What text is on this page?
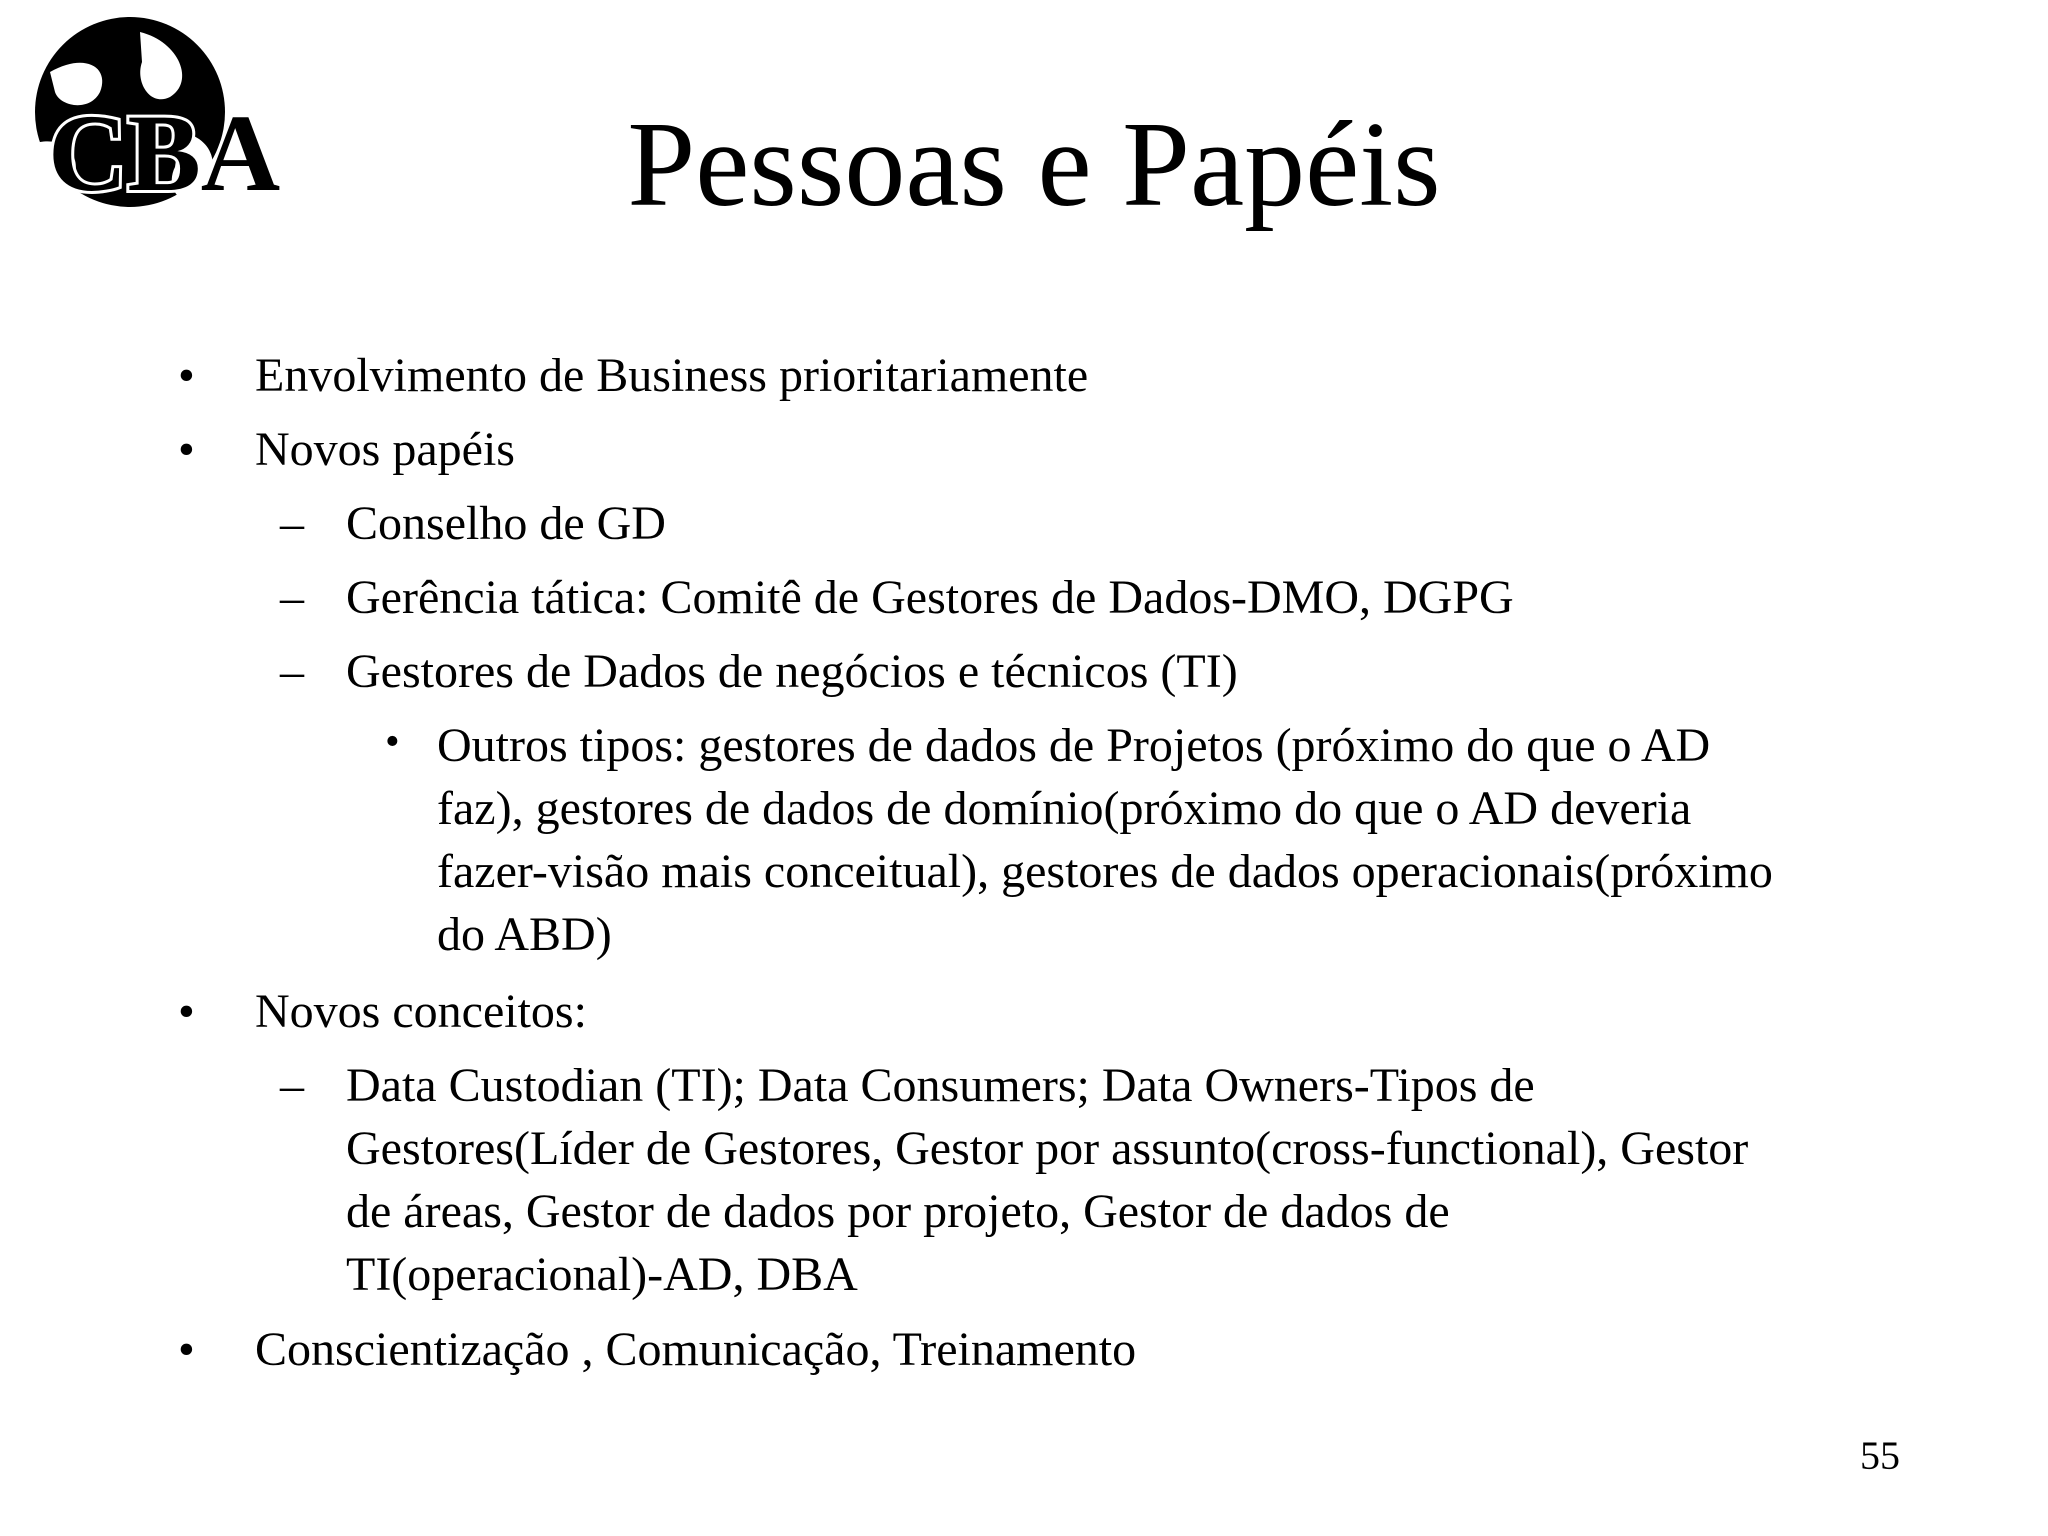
CBA	Pessoas e Papéis
• Envolvimento de Business prioritariamente
• Novos papéis
– Conselho de GD
– Gerência tática: Comitê de Gestores de Dados-DMO, DGPG
– Gestores de Dados de negócios e técnicos (TI)
• Outros tipos: gestores de dados de Projetos (próximo do que o AD
faz), gestores de dados de domínio(próximo do que o AD deveria
fazer-visão mais conceitual), gestores de dados operacionais(próximo
do ABD)
• Novos conceitos:
– Data Custodian (TI); Data Consumers; Data Owners-Tipos de
Gestores(Líder de Gestores, Gestor por assunto(cross-functional), Gestor
de áreas, Gestor de dados por projeto, Gestor de dados de
TI(operacional)-AD, DBA
• Conscientização , Comunicação, Treinamento
55
